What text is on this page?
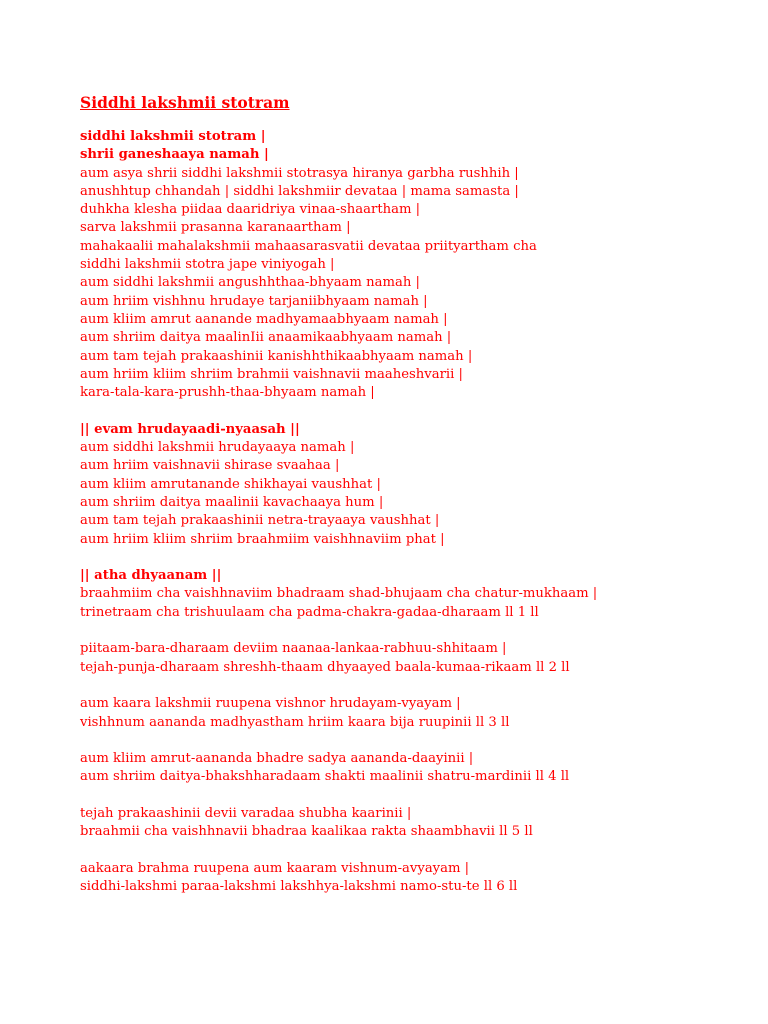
Siddhi lakshmii stotram
siddhi lakshmii stotram |
shrii ganeshaaya namah |
aum asya shrii siddhi lakshmii stotrasya hiranya garbha rushhih |
anushhtup chhandah | siddhi lakshmiir devataa | mama samasta |
duhkha klesha piidaa daaridriya vinaa-shaartham |
sarva lakshmii prasanna karanaartham |
mahakaalii mahalakshmii mahaasarasvatii devataa priityartham cha
siddhi lakshmii stotra jape viniyogah |
aum siddhi lakshmii angushhthaa-bhyaam namah |
aum hriim vishhnu hrudaye tarjaniibhyaam namah |
aum kliim amrut aanande madhyamaabhyaam namah |
aum shriim daitya maalinIii anaamikaabhyaam namah |
aum tam tejah prakaashinii kanishhthikaabhyaam namah |
aum hriim kliim shriim brahmii vaishnavii maaheshvarii |
kara-tala-kara-prushh-thaa-bhyaam namah |
|| evam hrudayaadi-nyaasah ||
aum siddhi lakshmii hrudayaaya namah |
aum hriim vaishnavii shirase svaahaa |
aum kliim amrutanande shikhayai vaushhat |
aum shriim daitya maalinii kavachaaya hum |
aum tam tejah prakaashinii netra-trayaaya vaushhat |
aum hriim kliim shriim braahmiim vaishhnaviim phat |
|| atha dhyaanam ||
braahmiim cha vaishhnaviim bhadraam shad-bhujaam cha chatur-mukhaam |
trinetraam cha trishuulaam cha padma-chakra-gadaa-dharaam ll 1 ll
piitaam-bara-dharaam deviim naanaa-lankaa-rabhuu-shhitaam |
tejah-punja-dharaam shreshh-thaam dhyaayed baala-kumaa-rikaam ll 2 ll
aum kaara lakshmii ruupena vishnor hrudayam-vyayam |
vishhnum aananda madhyastham hriim kaara bija ruupinii ll 3 ll
aum kliim amrut-aananda bhadre sadya aananda-daayinii |
aum shriim daitya-bhakshharadaam shakti maalinii shatru-mardinii ll 4 ll
tejah prakaashinii devii varadaa shubha kaarinii |
braahmii cha vaishhnavii bhadraa kaalikaa rakta shaambhavii ll 5 ll
aakaara brahma ruupena aum kaaram vishnum-avyayam |
siddhi-lakshmi paraa-lakshmi lakshhya-lakshmi namo-stu-te ll 6 ll
